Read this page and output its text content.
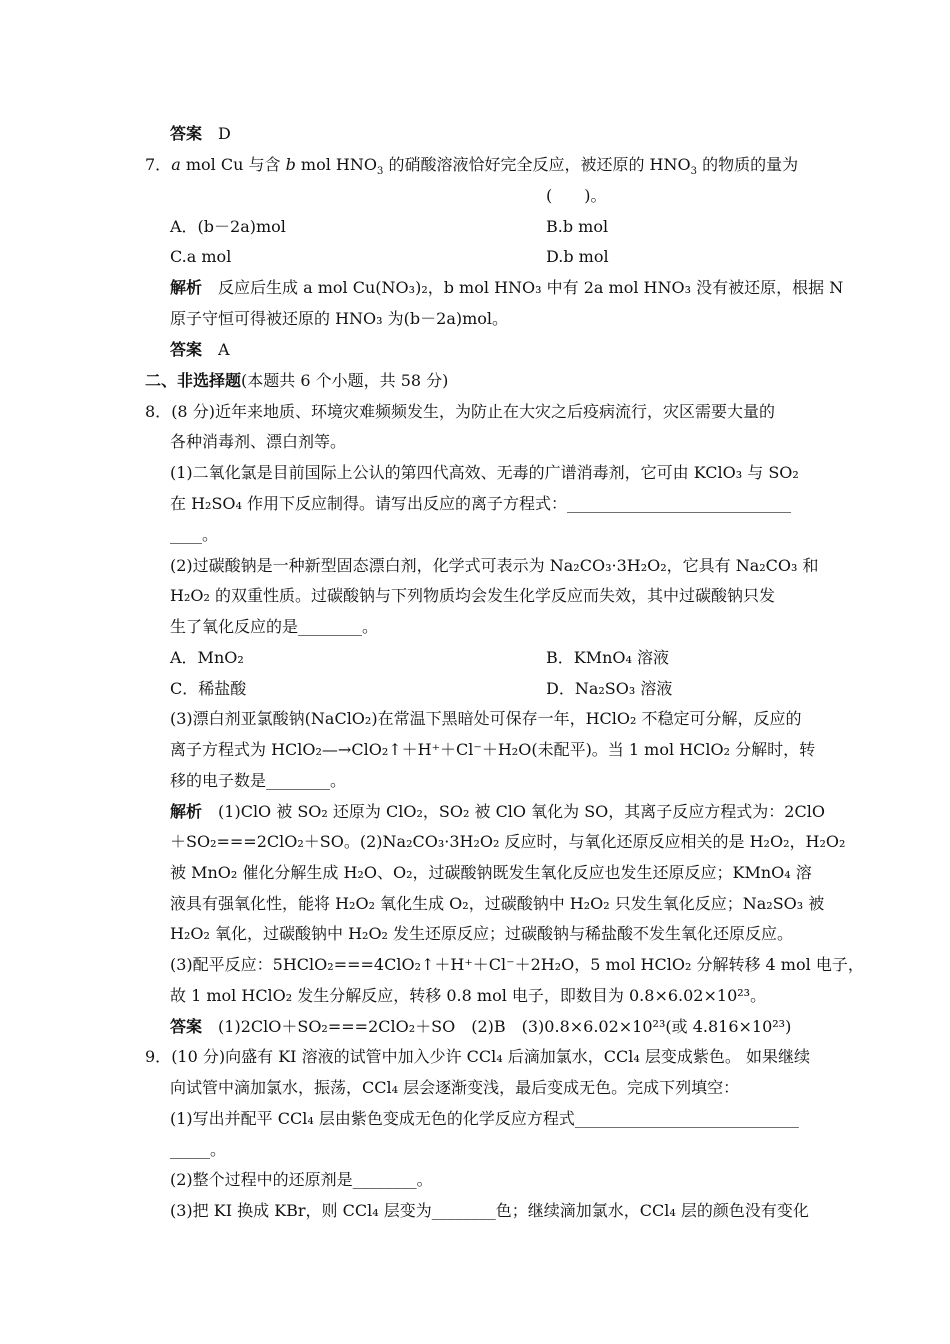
答案　 D
7．a mol Cu 与含 b mol $HNO_3$ 的硝酸溶液恰好完全反应，被还原的 $HNO_3$ 的物质的量为
(　　)。
A．(b－2a)mol	B.b mol
C.a mol	D.b mol
解析　 反应后生成 a mol Cu(NO₃)₂，b mol HNO₃ 中有 2a mol HNO₃ 没有被还原，根据 N
原子守恒可得被还原的 HNO₃ 为(b－2a)mol。
答案　 A
二、非选择题(本题共 6 个小题，共 58 分)
8．(8 分)近年来地质、环境灾难频频发生，为防止在大灾之后疫病流行，灾区需要大量的
各种消毒剂、漂白剂等。
(1)二氧化氯是目前国际上公认的第四代高效、无毒的广谱消毒剂，它可由 KClO₃ 与 SO₂
在 H₂SO₄ 作用下反应制得。请写出反应的离子方程式：____________________________
____。
(2)过碳酸钠是一种新型固态漂白剂，化学式可表示为 Na₂CO₃·3H₂O₂，它具有 Na₂CO₃ 和
H₂O₂ 的双重性质。过碳酸钠与下列物质均会发生化学反应而失效，其中过碳酸钠只发
生了氧化反应的是________。
A．MnO₂	B．KMnO₄ 溶液
C．稀盐酸	D．Na₂SO₃ 溶液
(3)漂白剂亚氯酸钠(NaClO₂)在常温下黑暗处可保存一年，HClO₂ 不稳定可分解，反应的
离子方程式为 HClO₂—→ClO₂↑＋H⁺＋Cl⁻＋H₂O(未配平)。当 1 mol HClO₂ 分解时，转
移的电子数是________。
解析　 (1)ClO 被 SO₂ 还原为 ClO₂，SO₂ 被 ClO 氧化为 SO，其离子反应方程式为：2ClO
＋SO₂===2ClO₂＋SO。(2)Na₂CO₃·3H₂O₂ 反应时，与氧化还原反应相关的是 H₂O₂，H₂O₂
被 MnO₂ 催化分解生成 H₂O、O₂，过碳酸钠既发生氧化反应也发生还原反应；KMnO₄ 溶
液具有强氧化性，能将 H₂O₂ 氧化生成 O₂，过碳酸钠中 H₂O₂ 只发生氧化反应；Na₂SO₃ 被
H₂O₂ 氧化，过碳酸钠中 H₂O₂ 发生还原反应；过碳酸钠与稀盐酸不发生氧化还原反应。
(3)配平反应：5HClO₂===4ClO₂↑＋H⁺＋Cl⁻＋2H₂O，5 mol HClO₂ 分解转移 4 mol 电子，
故 1 mol HClO₂ 发生分解反应，转移 0.8 mol 电子，即数目为 0.8×6.02×10²³。
答案　 (1)2ClO＋SO₂===2ClO₂＋SO　(2)B　(3)0.8×6.02×10²³(或 4.816×10²³)
9．(10 分)向盛有 KI 溶液的试管中加入少许 CCl₄ 后滴加氯水，CCl₄ 层变成紫色。 如果继续
向试管中滴加氯水，振荡，CCl₄ 层会逐渐变浅，最后变成无色。完成下列填空：
(1)写出并配平 CCl₄ 层由紫色变成无色的化学反应方程式____________________________
_____。
(2)整个过程中的还原剂是________。
(3)把 KI 换成 KBr，则 CCl₄ 层变为________色；继续滴加氯水，CCl₄ 层的颜色没有变化
